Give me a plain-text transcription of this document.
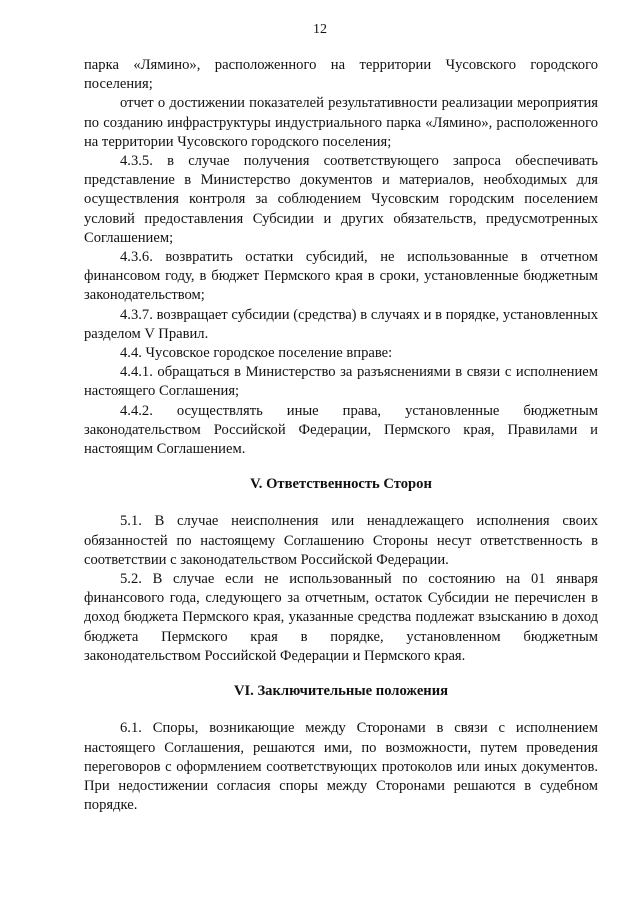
12

парка «Лямино», расположенного на территории Чусовского городского поселения;

отчет о достижении показателей результативности реализации мероприятия по созданию инфраструктуры индустриального парка «Лямино», расположенного на территории Чусовского городского поселения;

4.3.5. в случае получения соответствующего запроса обеспечивать представление в Министерство документов и материалов, необходимых для осуществления контроля за соблюдением Чусовским городским поселением условий предоставления Субсидии и других обязательств, предусмотренных Соглашением;

4.3.6. возвратить остатки субсидий, не использованные в отчетном финансовом году, в бюджет Пермского края в сроки, установленные бюджетным законодательством;

4.3.7. возвращает субсидии (средства) в случаях и в порядке, установленных разделом V Правил.

4.4. Чусовское городское поселение вправе:

4.4.1. обращаться в Министерство за разъяснениями в связи с исполнением настоящего Соглашения;

4.4.2. осуществлять иные права, установленные бюджетным законодательством Российской Федерации, Пермского края, Правилами и настоящим Соглашением.

V. Ответственность Сторон

5.1. В случае неисполнения или ненадлежащего исполнения своих обязанностей по настоящему Соглашению Стороны несут ответственность в соответствии с законодательством Российской Федерации.

5.2. В случае если не использованный по состоянию на 01 января финансового года, следующего за отчетным, остаток Субсидии не перечислен в доход бюджета Пермского края, указанные средства подлежат взысканию в доход бюджета Пермского края в порядке, установленном бюджетным законодательством Российской Федерации и Пермского края.

VI. Заключительные положения

6.1. Споры, возникающие между Сторонами в связи с исполнением настоящего Соглашения, решаются ими, по возможности, путем проведения переговоров с оформлением соответствующих протоколов или иных документов. При недостижении согласия споры между Сторонами решаются в судебном порядке.
